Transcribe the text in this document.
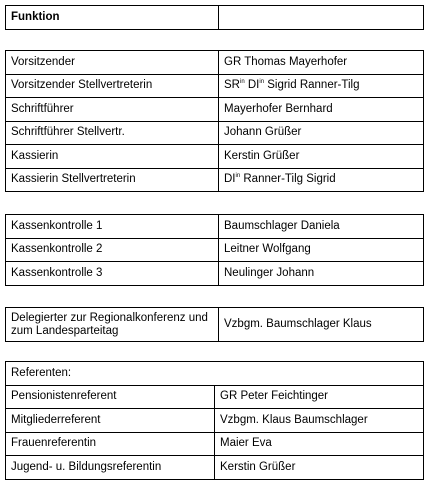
Funktion	
Vorsitzender	GR Thomas Mayerhofer
Vorsitzender Stellvertreterin	$SR^{in}$ $DI^{in}$ Sigrid Ranner-Tilg
Schriftführer	Mayerhofer Bernhard
Schriftführer Stellvertr.	Johann Grüßer
Kassierin	Kerstin Grüßer
Kassierin Stellvertreterin	$DI^{in}$ Ranner-Tilg Sigrid
Kassenkontrolle 1	Baumschlager Daniela
Kassenkontrolle 2	Leitner Wolfgang
Kassenkontrolle 3	Neulinger Johann
Delegierter zur Regionalkonferenz und zum Landesparteitag	Vzbgm. Baumschlager Klaus
Referenten:	
Pensionistenreferent	GR Peter Feichtinger
Mitgliederreferent	Vzbgm. Klaus Baumschlager
Frauenreferentin	Maier Eva
Jugend- u. Bildungsreferentin	Kerstin Grüßer
